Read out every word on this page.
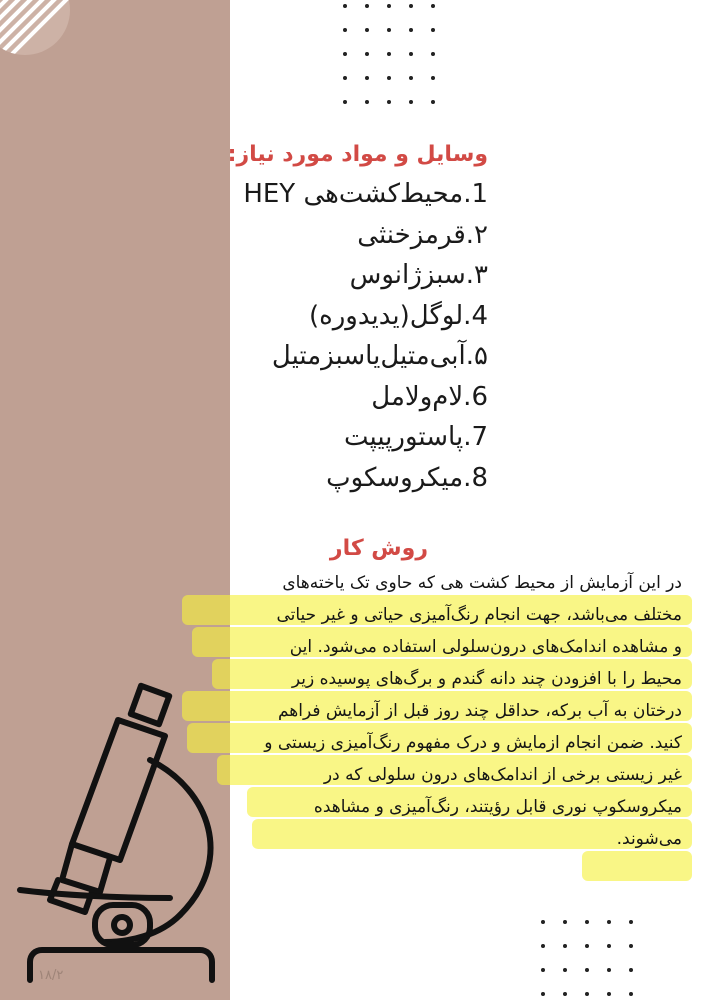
۱۸/۲
وسایل و مواد مورد نیاز:
1.محیط‌کشت‌هی HEY
۲.قرمزخنثی
۳.سبزژانوس
4.لوگل(یدیدوره)
۵.آبی‌متیل‌یاسبزمتیل
6.لام‌ولامل
7.پاستورپیپت
8.میکروسکوپ
روش کار
در این آزمایش از محیط کشت هی که حاوی تک یاخته‌های
مختلف می‌باشد، جهت انجام رنگ‌آمیزی حیاتی و غیر حیاتی
و مشاهده اندامک‌های درون‌سلولی استفاده می‌شود. این
محیط را با افزودن چند دانه گندم و برگ‌های پوسیده زیر
درختان به آب برکه، حداقل چند روز قبل از آزمایش فراهم
کنید. ضمن انجام ازمایش و درک مفهوم رنگ‌آمیزی زیستی و
غیر زیستی برخی از اندامک‌های درون سلولی که در
میکروسکوپ نوری قابل رؤیتند، رنگ‌آمیزی و مشاهده
می‌شوند.
